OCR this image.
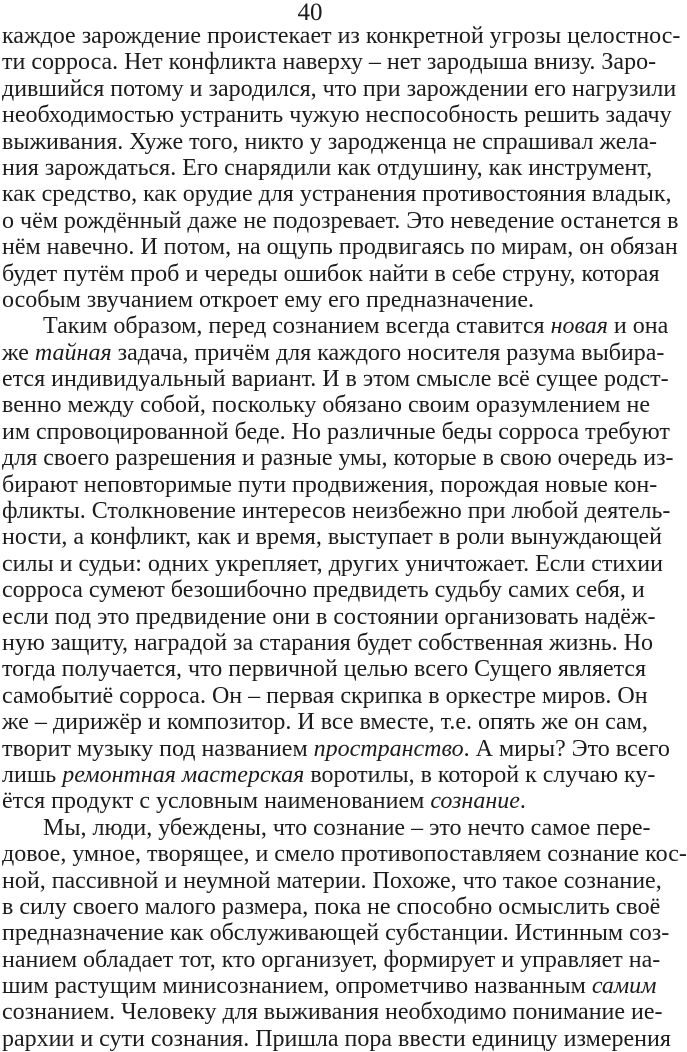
40
каждое зарождение проистекает из конкретной угрозы целостнос-
ти сорроса. Нет конфликта наверху – нет зародыша внизу. Заро-
дившийся потому и зародился, что при зарождении его нагрузили
необходимостью устранить чужую неспособность решить задачу
выживания. Хуже того, никто у зародженца не спрашивал жела-
ния зарождаться. Его снарядили как отдушину, как инструмент,
как средство, как орудие для устранения противостояния владык,
о чём рождённый даже не подозревает. Это неведение останется в
нём навечно. И потом, на ощупь продвигаясь по мирам, он обязан
будет путём проб и череды ошибок найти в себе струну, которая
особым звучанием откроет ему его предназначение.
Таким образом, перед сознанием всегда ставится новая и она
же тайная задача, причём для каждого носителя разума выбира-
ется индивидуальный вариант. И в этом смысле всё сущее родст-
венно между собой, поскольку обязано своим оразумлением не
им спровоцированной беде. Но различные беды сорроса требуют
для своего разрешения и разные умы, которые в свою очередь из-
бирают неповторимые пути продвижения, порождая новые кон-
фликты. Столкновение интересов неизбежно при любой деятель-
ности, а конфликт, как и время, выступает в роли вынуждающей
силы и судьи: одних укрепляет, других уничтожает. Если стихии
сорроса сумеют безошибочно предвидеть судьбу самих себя, и
если под это предвидение они в состоянии организовать надёж-
ную защиту, наградой за старания будет собственная жизнь. Но
тогда получается, что первичной целью всего Сущего является
самобытиё сорроса. Он – первая скрипка в оркестре миров. Он
же – дирижёр и композитор. И все вместе, т.е. опять же он сам,
творит музыку под названием пространство. А миры? Это всего
лишь ремонтная мастерская воротилы, в которой к случаю ку-
ётся продукт с условным наименованием сознание.
Мы, люди, убеждены, что сознание – это нечто самое пере-
довое, умное, творящее, и смело противопоставляем сознание кос-
ной, пассивной и неумной материи. Похоже, что такое сознание,
в силу своего малого размера, пока не способно осмыслить своё
предназначение как обслуживающей субстанции. Истинным соз-
нанием обладает тот, кто организует, формирует и управляет на-
шим растущим минисознанием, опрометчиво названным самим
сознанием. Человеку для выживания необходимо понимание ие-
рархии и сути сознания. Пришла пора ввести единицу измерения
